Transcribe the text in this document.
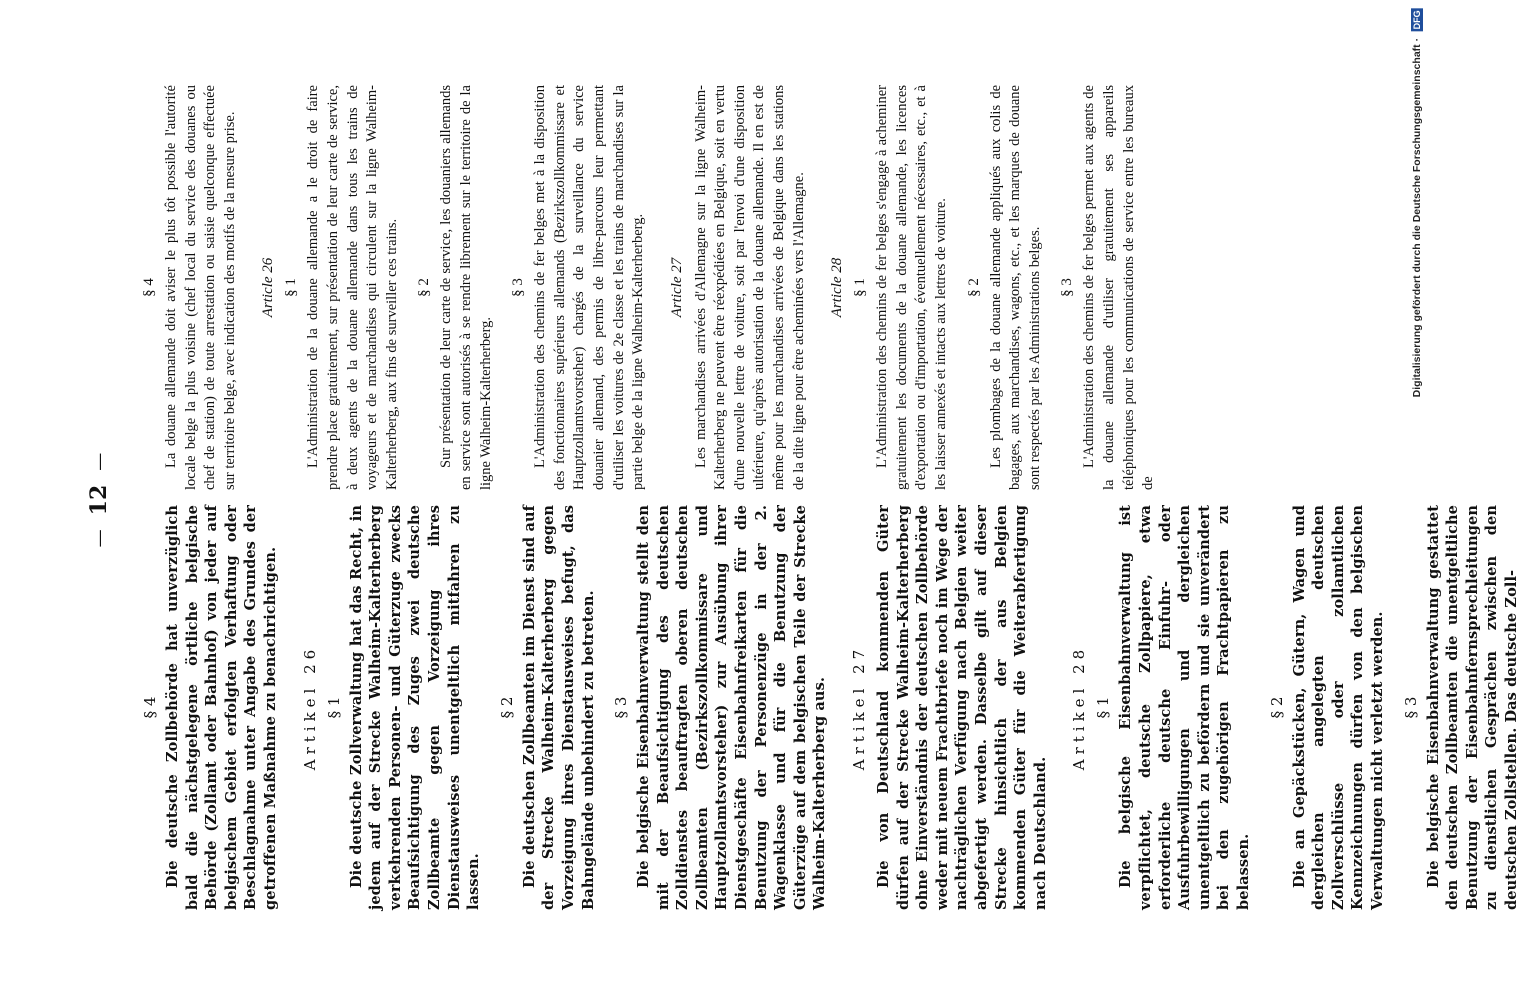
—
12
—
§ 4 Die deutsche Zollbehörde hat unverzüglich bald die nächstgelegene örtliche belgische Behörde (Zollamt oder Bahnhof) von jeder auf belgischem Gebiet erfolgten Verhaftung oder Beschlagnahme unter Angabe des Grundes der getroffenen Maßnahme zu benachrichtigen. Artikel 26 § 1 Die deutsche Zollverwaltung hat das Recht, in jedem auf der Strecke Walheim-Kalterherberg verkehrenden Personen- und Güterzuge zwecks Beaufsichtigung des Zuges zwei deutsche Zollbeamte gegen Vorzeigung ihres Dienstausweises unentgeltlich mitfahren zu lassen.

§ 2 Die deutschen Zollbeamten im Dienst sind auf der Strecke Walheim-Kalterherberg gegen Vorzeigung ihres Dienstausweises befugt, das Bahngelände unbehindert zu betreten. § 3 Die belgische Eisenbahnverwaltung stellt den mit der Beaufsichtigung des deutschen Zolldienstes beauftragten oberen deutschen Zollbeamten (Bezirkszollkommissare und Hauptzollamtsvorsteher) zur Ausübung ihrer Dienstgeschäfte Eisenbahnfreikarten für die Benutzung der Personenzüge in der 2. Wagenklasse und für die Benutzung der Güterzüge auf dem belgischen Teile der Strecke Walheim-Kalterherberg aus. Artikel 27 Die von Deutschland kommenden Güter dürfen auf der Strecke Walheim-Kalterherberg ohne Einverständnis der deutschen Zollbehörde weder mit neuem Frachtbriefe noch im Wege der nachträglichen Verfügung nach Belgien weiter abgefertigt werden. Dasselbe gilt auf dieser Strecke hinsichtlich der aus Belgien kommenden Güter für die Weiterabfertigung nach Deutschland.

Artikel 28 § 1 Die belgische Eisenbahnverwaltung ist verpflichtet, deutsche Zollpapiere, etwa erforderliche deutsche Einfuhr- oder Ausfuhrbewilligungen und dergleichen unentgeltlich zu befördern und sie unverändert bei den zugehörigen Frachtpapieren zu belassen.

§ 2 Die an Gepäckstücken, Gütern, Wagen und dergleichen angelegten deutschen Zollverschlüsse oder zollamtlichen Kennzeichnungen dürfen von den belgischen Verwaltungen nicht verletzt werden. § 3 Die belgische Eisenbahnverwaltung gestattet den deutschen Zollbeamten die unentgeltliche Benutzung der Eisenbahnfernsprechleitungen zu dienstlichen Gesprächen zwischen den deutschen Zollstellen. Das deutsche Zoll-

§ 4 La douane allemande doit aviser le plus tôt possible l'autorité locale belge la plus voisine (chef local du service des douanes ou chef de station) de toute arrestation ou saisie quelconque effectuée sur territoire belge, avec indication des motifs de la mesure prise. Article 26 § 1 L'Administration de la douane allemande a le droit de faire prendre place gratuitement, sur présentation de leur carte de service, à deux agents de la douane allemande dans tous les trains de voyageurs et de marchandises qui circulent sur la ligne Walheim-Kalterherberg, aux fins de surveiller ces trains. § 2 Sur présentation de leur carte de service, les douaniers allemands en service sont autorisés à se rendre librement sur le territoire de la ligne Walheim-Kalterherberg.

§ 3 L'Administration des chemins de fer belges met à la disposition des fonctionnaires supérieurs allemands (Bezirkszollkommissare et Hauptzollamtsvorsteher) chargés de la surveillance du service douanier allemand, des permis de libre-parcours leur permettant d'utiliser les voitures de 2e classe et les trains de marchandises sur la partie belge de la ligne Walheim-Kalterherberg. Article 27 Les marchandises arrivées d'Allemagne sur la ligne Walheim-Kalterherberg ne peuvent être réexpédiées en Belgique, soit en vertu d'une nouvelle lettre de voiture, soit par l'envoi d'une disposition ultérieure, qu'après autorisation de la douane allemande. Il en est de même pour les marchandises arrivées de Belgique dans les stations de la dite ligne pour être acheminées vers l'Allemagne. Article 28 § 1 L'Administration des chemins de fer belges s'engage à acheminer gratuitement les documents de la douane allemande, les licences d'exportation ou d'importation, éventuellement nécessaires, etc., et à les laisser annexés et intacts aux lettres de voiture. § 2 Les plombages de la douane allemande appliqués aux colis de bagages, aux marchandises, wagons, etc., et les marques de douane sont respectés par les Administrations belges. § 3 L'Administration des chemins de fer belges permet aux agents de la douane allemande d'utiliser gratuitement ses appareils téléphoniques pour les communications de service entre les bureaux de

Digitalisierung gefördert durch die Deutsche Forschungsgemeinschaft · DFG
